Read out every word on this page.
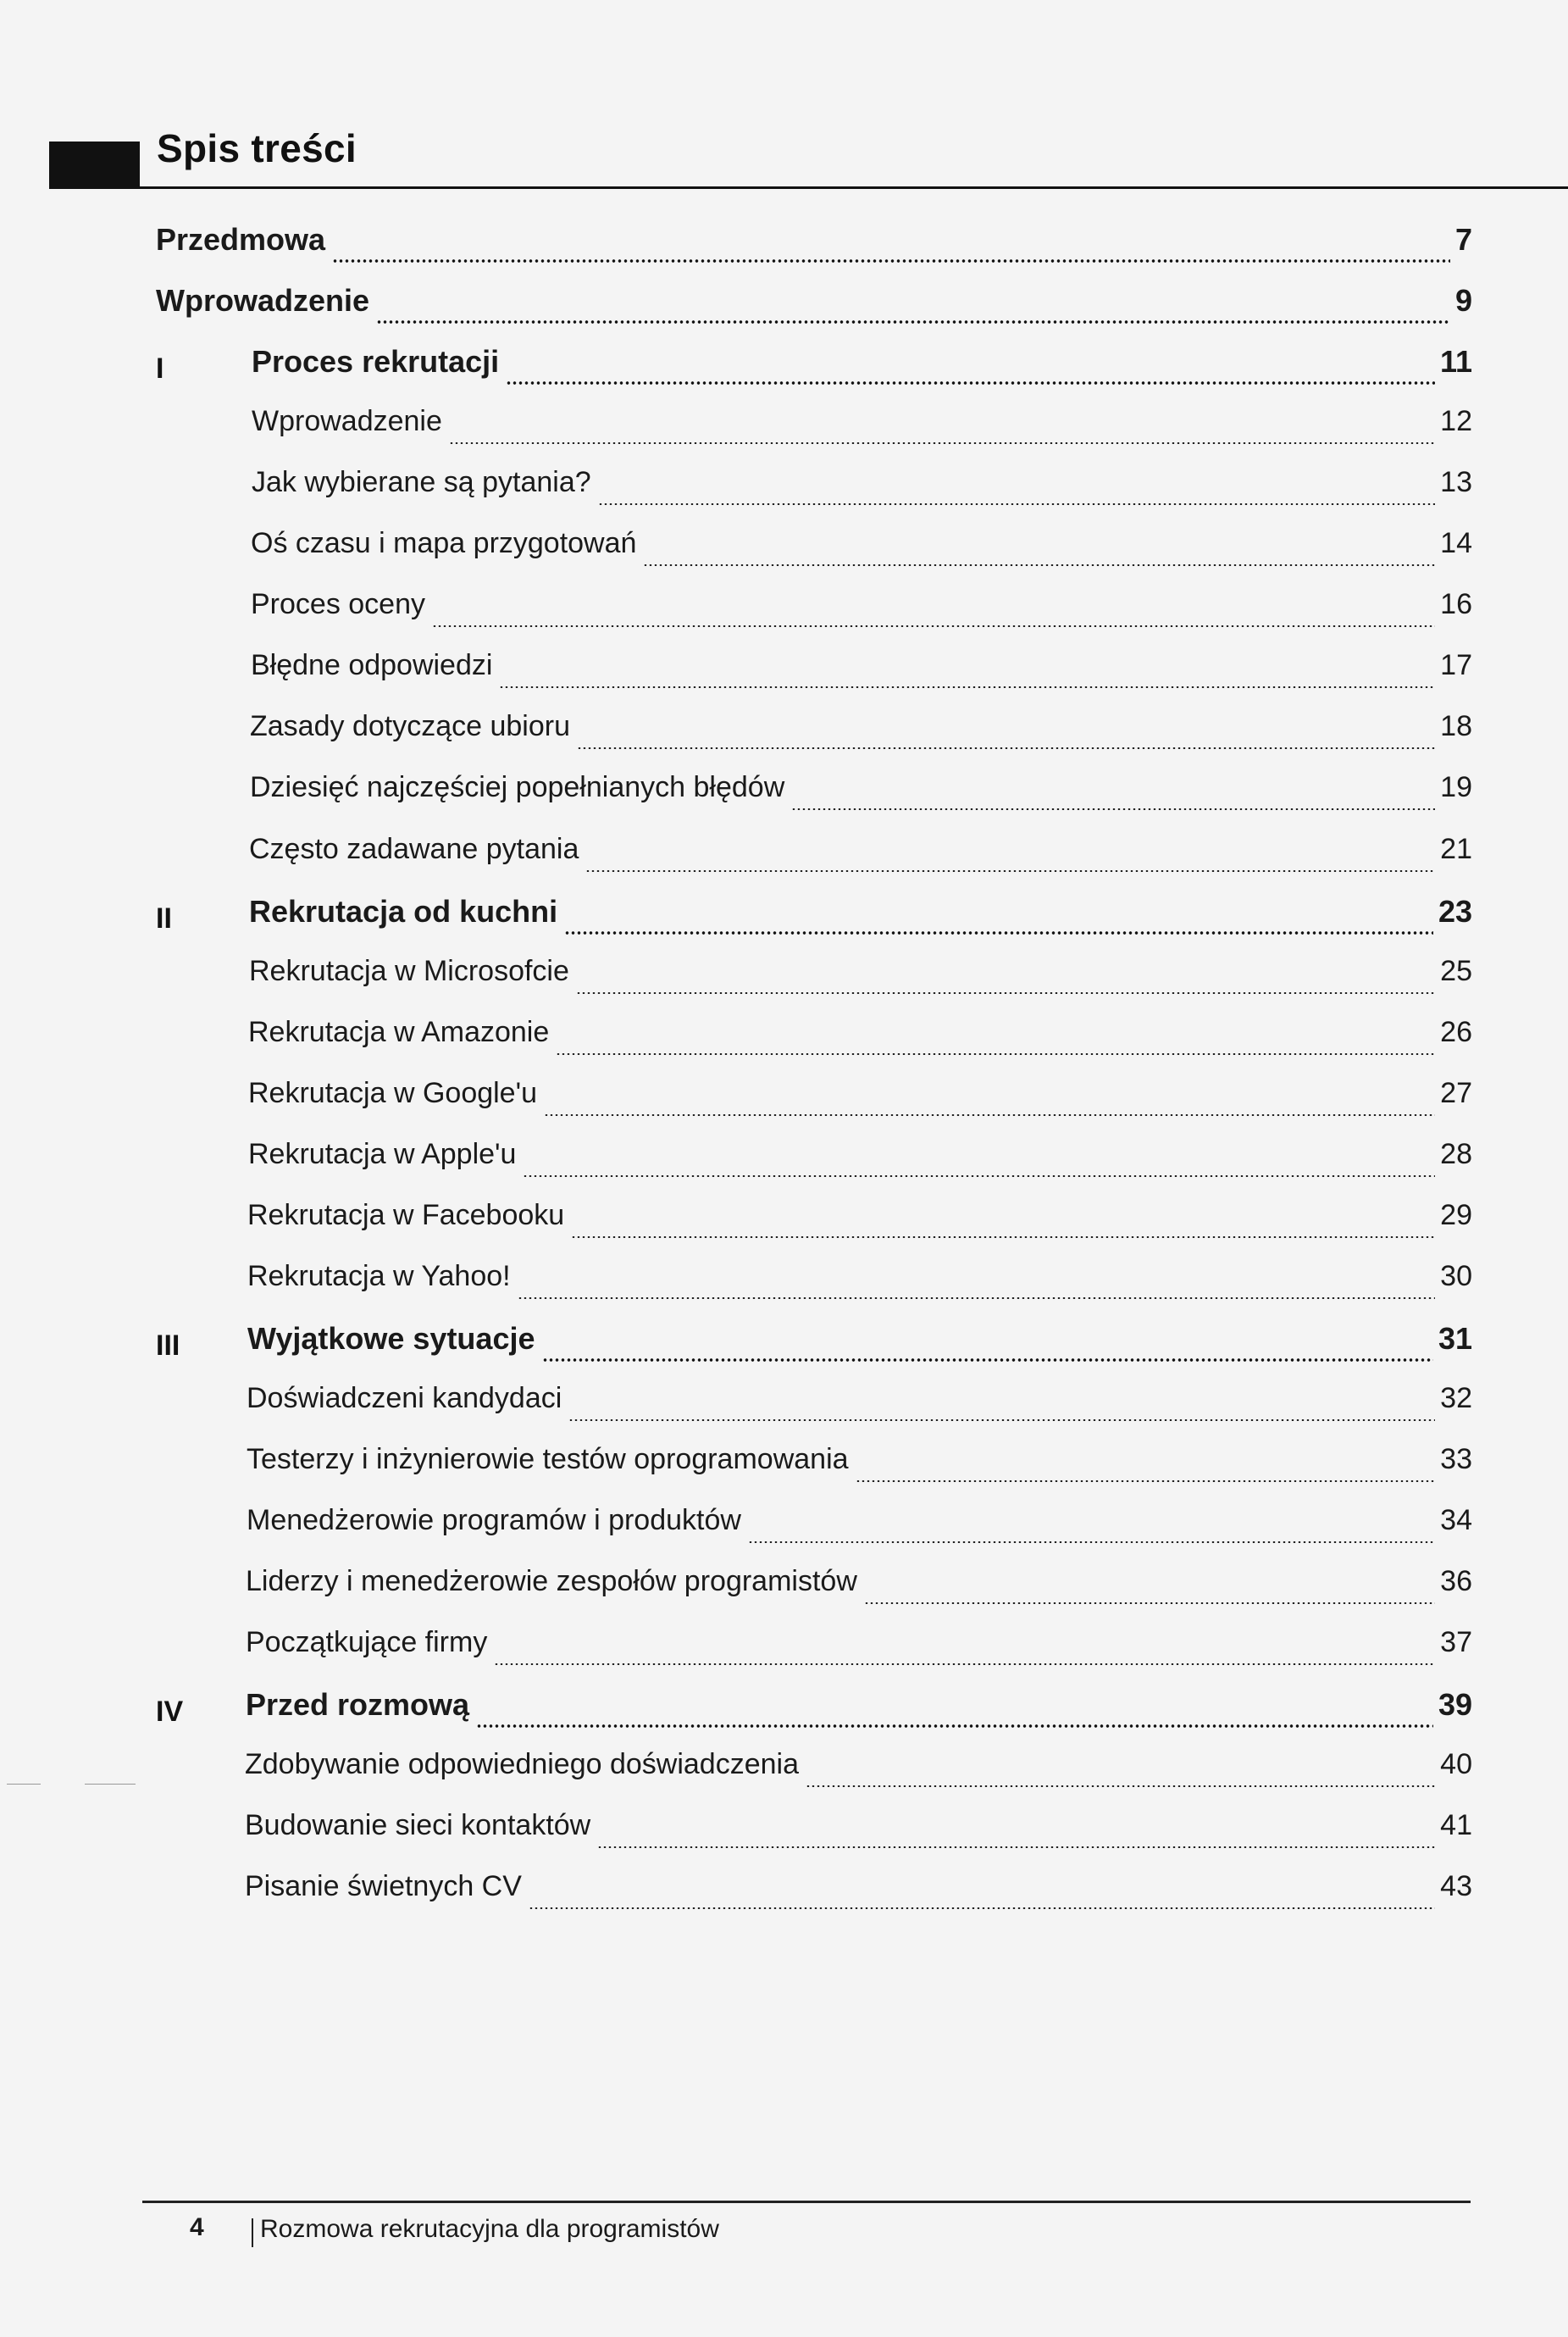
Spis treści
Przedmowa	7
Wprowadzenie	9
I	Proces rekrutacji	11
Wprowadzenie	12
Jak wybierane są pytania?	13
Oś czasu i mapa przygotowań	14
Proces oceny	16
Błędne odpowiedzi	17
Zasady dotyczące ubioru	18
Dziesięć najczęściej popełnianych błędów	19
Często zadawane pytania	21
II	Rekrutacja od kuchni	23
Rekrutacja w Microsofcie	25
Rekrutacja w Amazonie	26
Rekrutacja w Google'u	27
Rekrutacja w Apple'u	28
Rekrutacja w Facebooku	29
Rekrutacja w Yahoo!	30
III Wyjątkowe sytuacje	31
Doświadczeni kandydaci	32
Testerzy i inżynierowie testów oprogramowania	33
Menedżerowie programów i produktów	34
Liderzy i menedżerowie zespołów programistów	36
Początkujące firmy	37
IV Przed rozmową	39
Zdobywanie odpowiedniego doświadczenia	40
Budowanie sieci kontaktów	41
Pisanie świetnych CV	43
4 Rozmowa rekrutacyjna dla programistów
